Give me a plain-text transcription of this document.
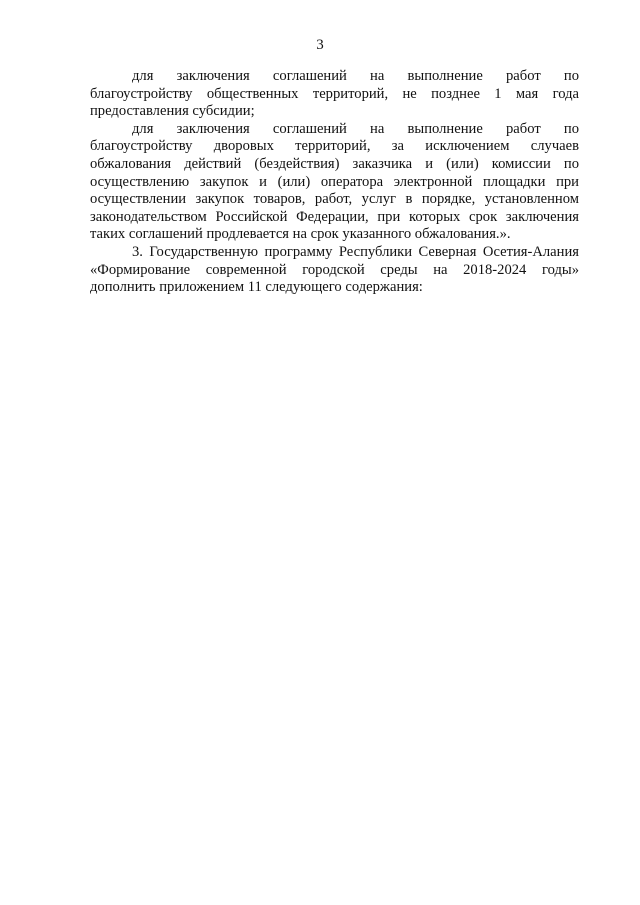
3

для заключения соглашений на выполнение работ по
благоустройству общественных территорий, не позднее 1 мая года
предоставления субсидии;

для заключения соглашений на выполнение работ по
благоустройству дворовых территорий, за исключением случаев
обжалования действий (бездействия) заказчика и (или) комиссии по
осуществлению закупок и (или) оператора электронной площадки при
осуществлении закупок товаров, работ, услуг в порядке, установленном
законодательством Российской Федерации, при которых срок заключения
таких соглашений продлевается на срок указанного обжалования.».

3. Государственную программу Республики Северная Осетия-Алания
«Формирование современной городской среды на 2018-2024 годы»
дополнить приложением 11 следующего содержания:
